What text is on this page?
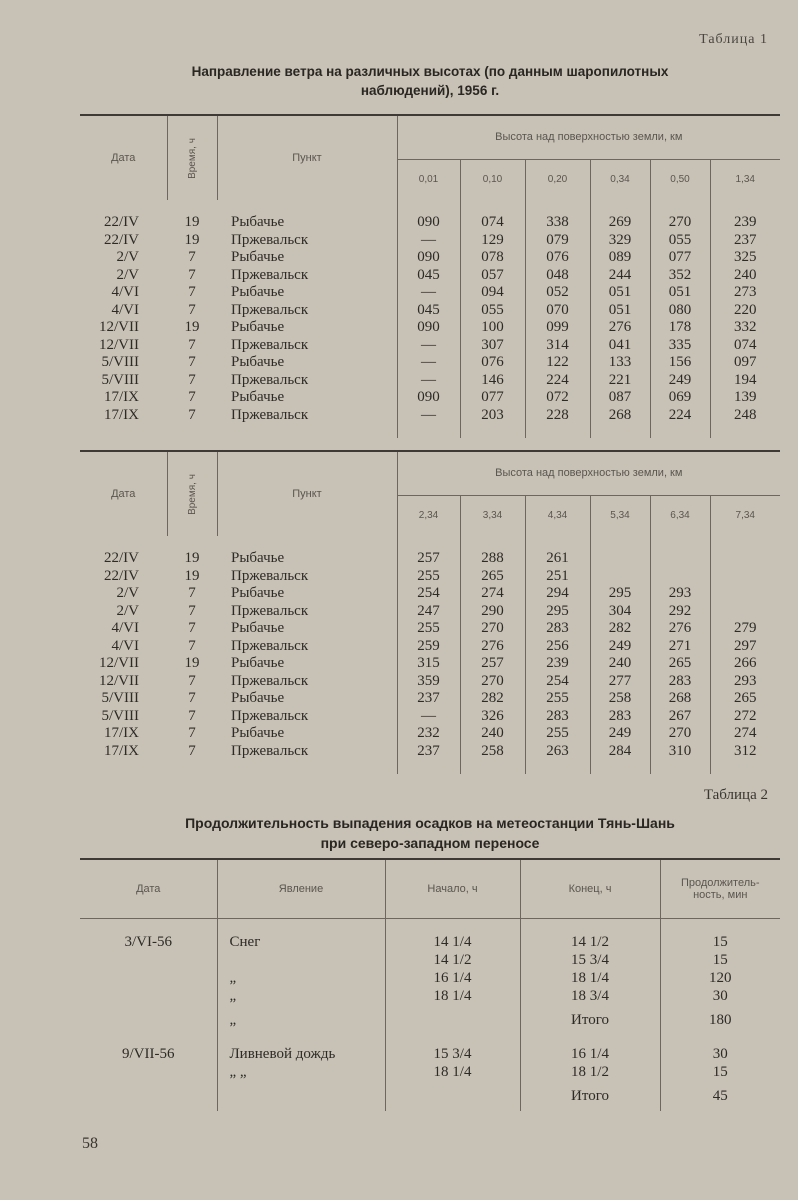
Таблица 1
Направление ветра на различных высотах (по данным шаропилотных
наблюдений), 1956 г.
Дата	Время, ч	Пункт	Высота над поверхностью земли, км					
			0,01	0,10	0,20	0,34	0,50	1,34

22/IV	19	Рыбачье	090	074	338	269	270	239
22/IV	19	Пржевальск	—	129	079	329	055	237
2/V	7	Рыбачье	090	078	076	089	077	325
2/V	7	Пржевальск	045	057	048	244	352	240
4/VI	7	Рыбачье	—	094	052	051	051	273
4/VI	7	Пржевальск	045	055	070	051	080	220
12/VII	19	Рыбачье	090	100	099	276	178	332
12/VII	7	Пржевальск	—	307	314	041	335	074
5/VIII	7	Рыбачье	—	076	122	133	156	097
5/VIII	7	Пржевальск	—	146	224	221	249	194
17/IX	7	Рыбачье	090	077	072	087	069	139
17/IX	7	Пржевальск	—	203	228	268	224	248

Дата	Время, ч	Пункт	Высота над поверхностью земли, км					
			2,34	3,34	4,34	5,34	6,34	7,34

22/IV	19	Рыбачье	257	288	261			
22/IV	19	Пржевальск	255	265	251			
2/V	7	Рыбачье	254	274	294	295	293	
2/V	7	Пржевальск	247	290	295	304	292	
4/VI	7	Рыбачье	255	270	283	282	276	279
4/VI	7	Пржевальск	259	276	256	249	271	297
12/VII	19	Рыбачье	315	257	239	240	265	266
12/VII	7	Пржевальск	359	270	254	277	283	293
5/VIII	7	Рыбачье	237	282	255	258	268	265
5/VIII	7	Пржевальск	—	326	283	283	267	272
17/IX	7	Рыбачье	232	240	255	249	270	274
17/IX	7	Пржевальск	237	258	263	284	310	312

Таблица 2
Продолжительность выпадения осадков на метеостанции Тянь-Шань
при северо-западном переносе
Дата	Явление	Начало, ч	Конец, ч	Продолжитель-
ность, мин

3/VI-56	Снег	14 1/4	14 1/2	15
		14 1/2	15 3/4	15
	„	16 1/4	18 1/4	120
	„	18 1/4	18 3/4	30
	„		Итого	180
9/VII-56	Ливневой дождь	15 3/4	16 1/4	30
	„ „	18 1/4	18 1/2	15
			Итого	45
58
